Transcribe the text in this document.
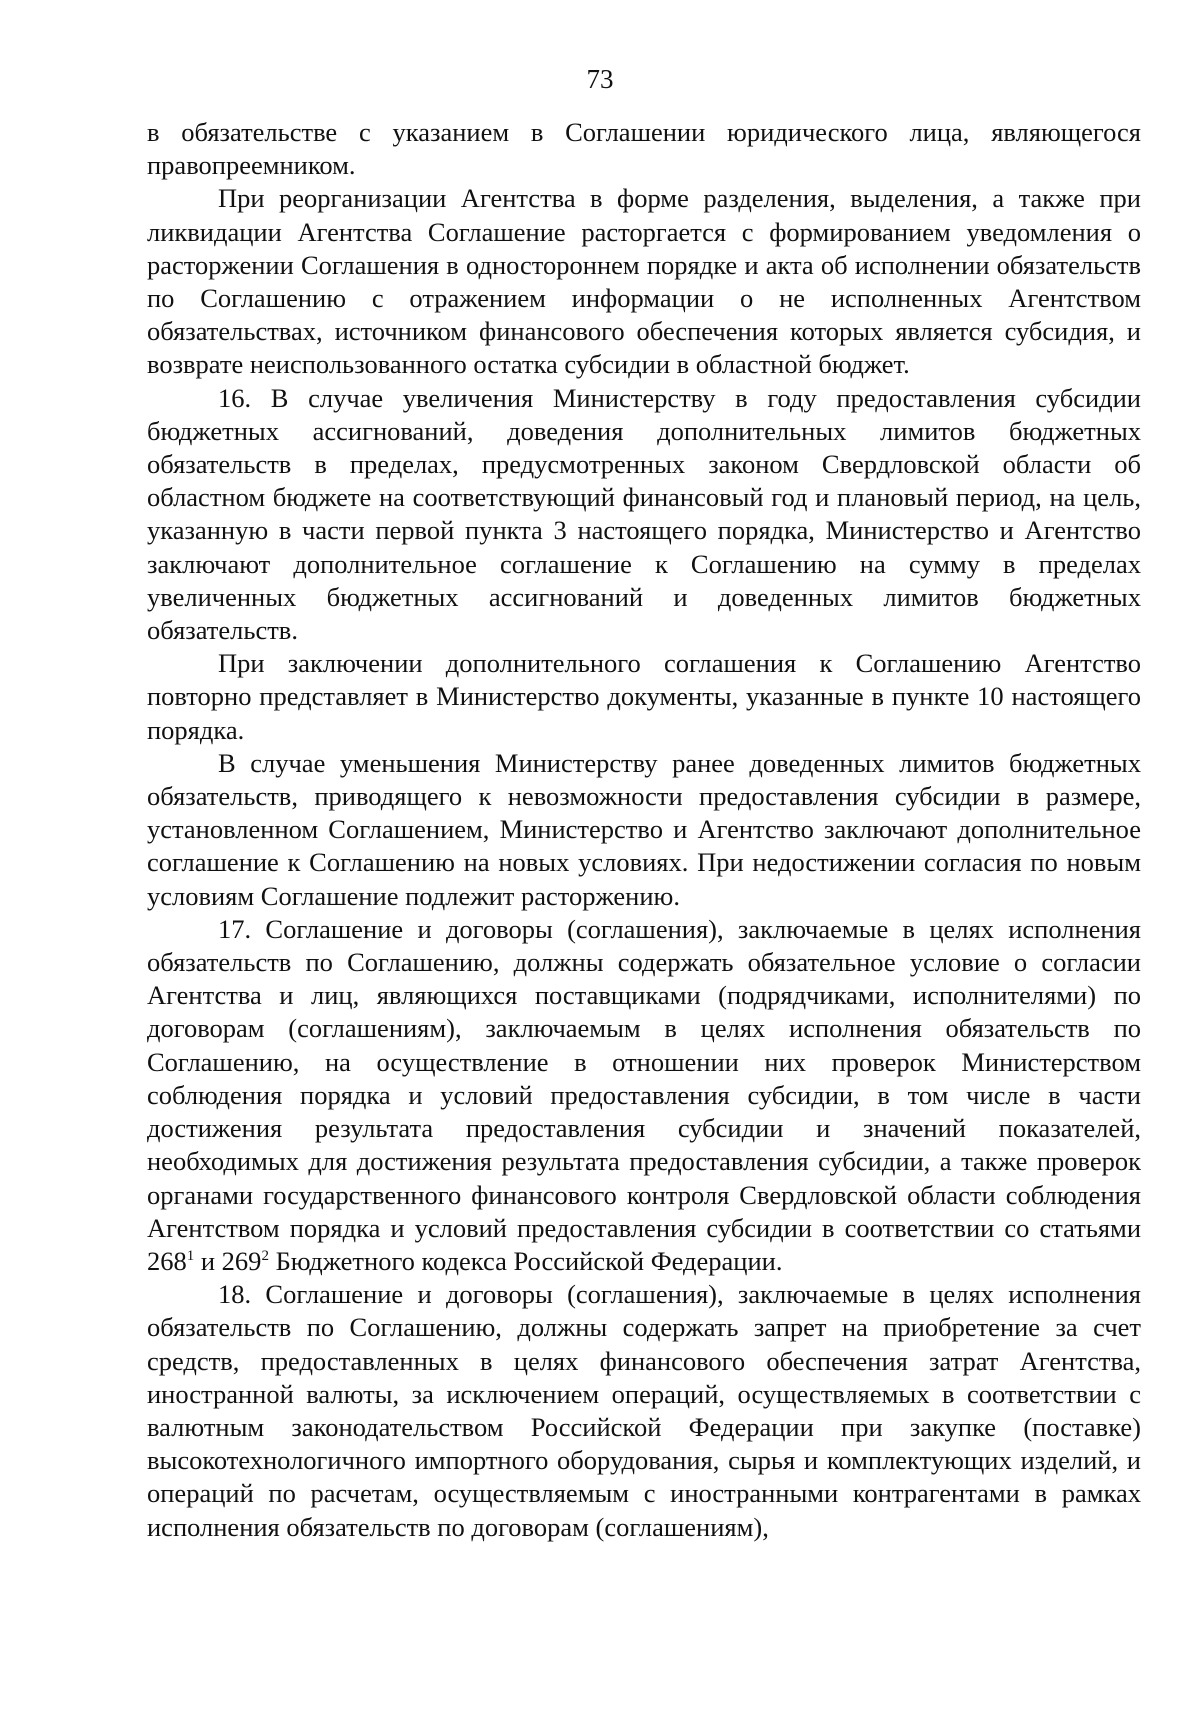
73

в обязательстве с указанием в Соглашении юридического лица, являющегося правопреемником.

При реорганизации Агентства в форме разделения, выделения, а также при ликвидации Агентства Соглашение расторгается с формированием уведомления о расторжении Соглашения в одностороннем порядке и акта об исполнении обязательств по Соглашению с отражением информации о не исполненных Агентством обязательствах, источником финансового обеспечения которых является субсидия, и возврате неиспользованного остатка субсидии в областной бюджет.

16. В случае увеличения Министерству в году предоставления субсидии бюджетных ассигнований, доведения дополнительных лимитов бюджетных обязательств в пределах, предусмотренных законом Свердловской области об областном бюджете на соответствующий финансовый год и плановый период, на цель, указанную в части первой пункта 3 настоящего порядка, Министерство и Агентство заключают дополнительное соглашение к Соглашению на сумму в пределах увеличенных бюджетных ассигнований и доведенных лимитов бюджетных обязательств.

При заключении дополнительного соглашения к Соглашению Агентство повторно представляет в Министерство документы, указанные в пункте 10 настоящего порядка.

В случае уменьшения Министерству ранее доведенных лимитов бюджетных обязательств, приводящего к невозможности предоставления субсидии в размере, установленном Соглашением, Министерство и Агентство заключают дополнительное соглашение к Соглашению на новых условиях. При недостижении согласия по новым условиям Соглашение подлежит расторжению.

17. Соглашение и договоры (соглашения), заключаемые в целях исполнения обязательств по Соглашению, должны содержать обязательное условие о согласии Агентства и лиц, являющихся поставщиками (подрядчиками, исполнителями) по договорам (соглашениям), заключаемым в целях исполнения обязательств по Соглашению, на осуществление в отношении них проверок Министерством соблюдения порядка и условий предоставления субсидии, в том числе в части достижения результата предоставления субсидии и значений показателей, необходимых для достижения результата предоставления субсидии, а также проверок органами государственного финансового контроля Свердловской области соблюдения Агентством порядка и условий предоставления субсидии в соответствии со статьями $268^1$ и $269^2$ Бюджетного кодекса Российской Федерации.

18. Соглашение и договоры (соглашения), заключаемые в целях исполнения обязательств по Соглашению, должны содержать запрет на приобретение за счет средств, предоставленных в целях финансового обеспечения затрат Агентства, иностранной валюты, за исключением операций, осуществляемых в соответствии с валютным законодательством Российской Федерации при закупке (поставке) высокотехнологичного импортного оборудования, сырья и комплектующих изделий, и операций по расчетам, осуществляемым с иностранными контрагентами в рамках исполнения обязательств по договорам (соглашениям),
